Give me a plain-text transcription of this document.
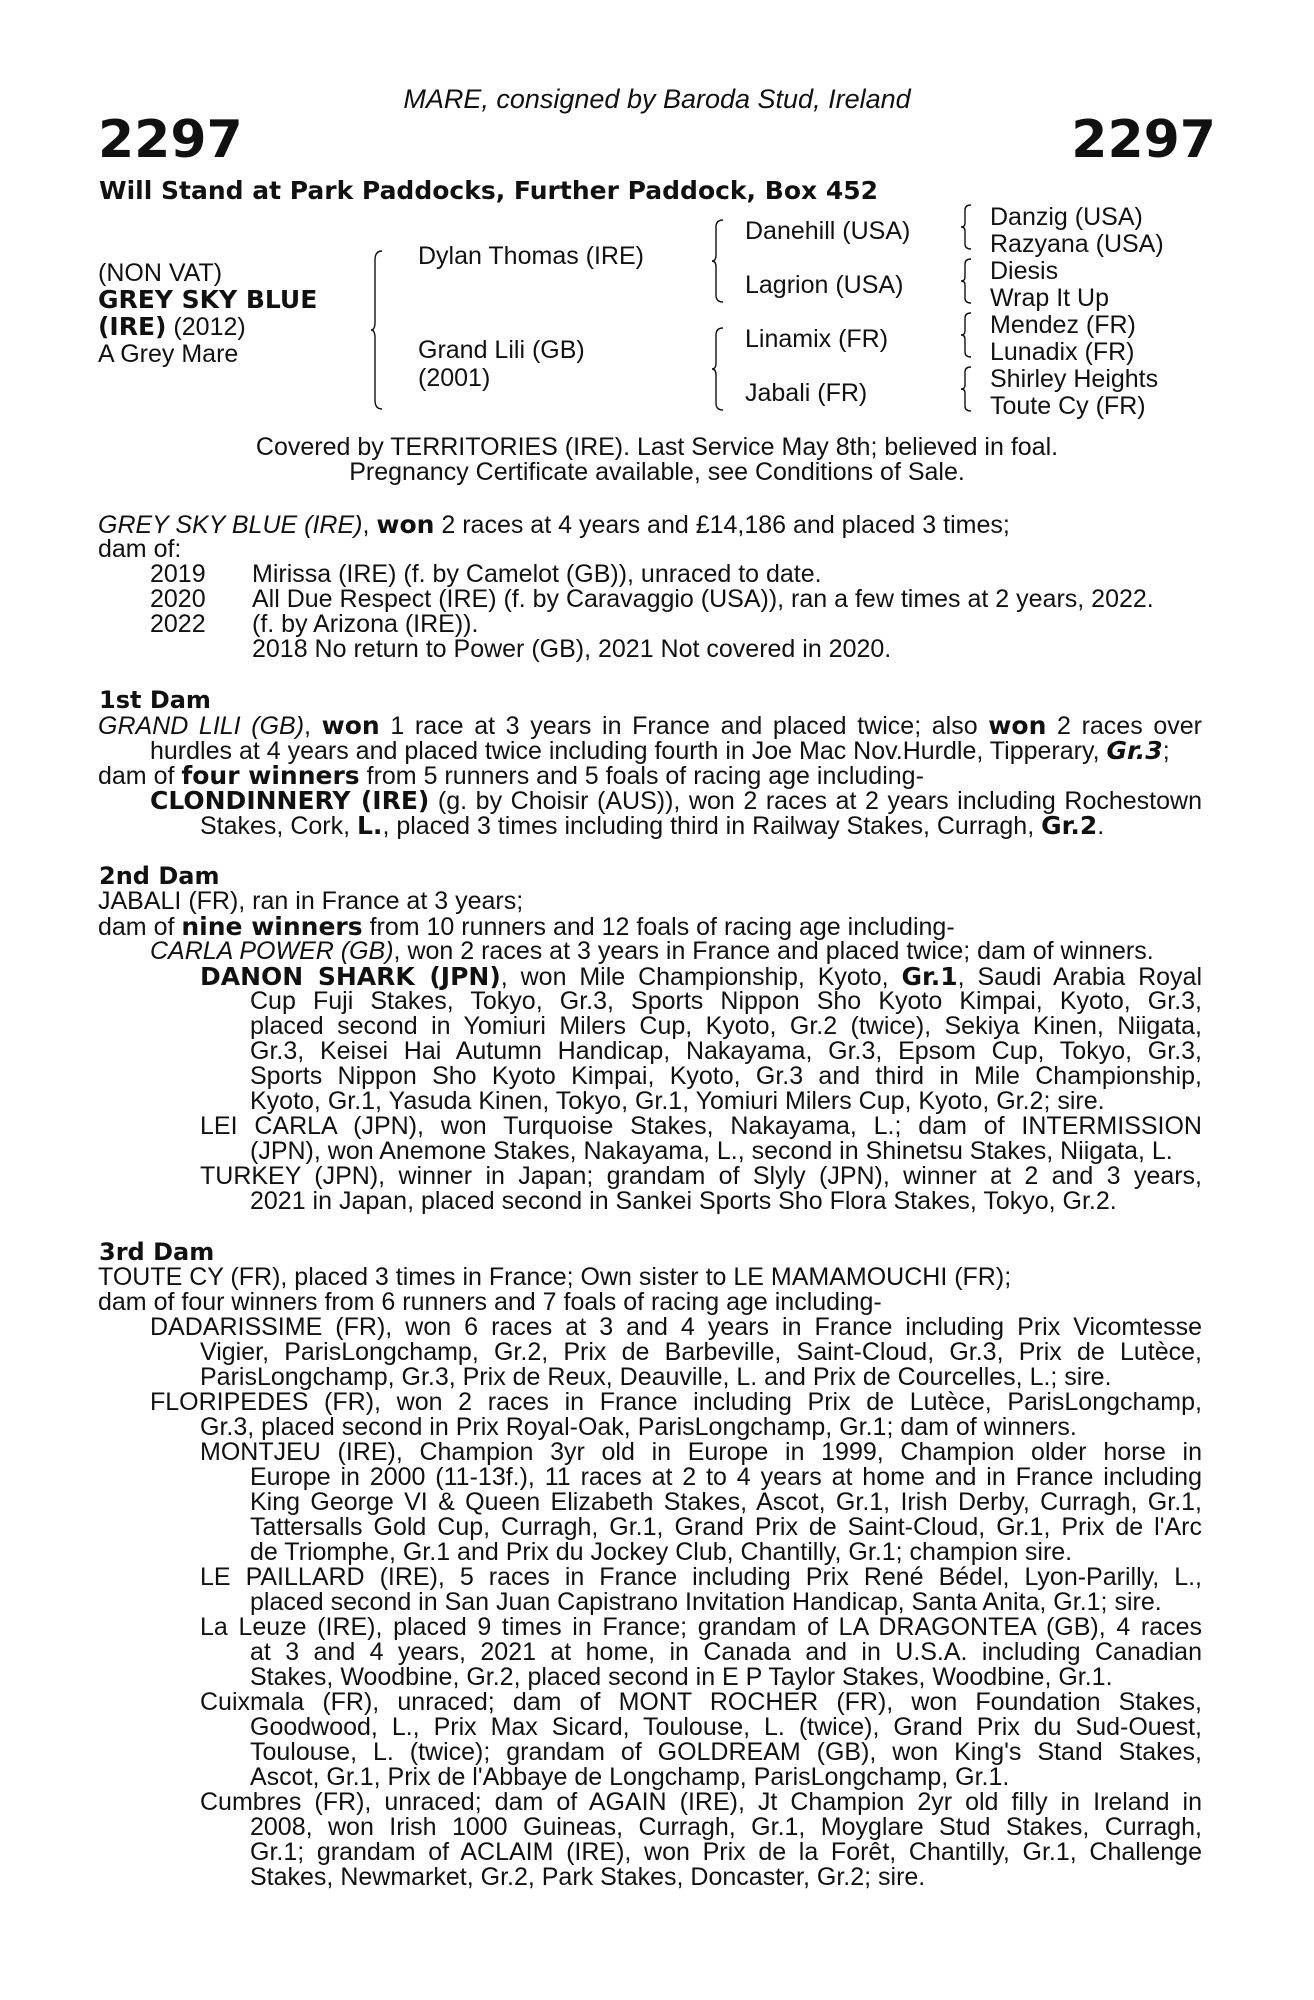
MARE, consigned by Baroda Stud, Ireland
2297	2297
Will Stand at Park Paddocks, Further Paddock, Box 452
(NON VAT)
GREY SKY BLUE
(IRE) (2012)
A Grey Mare
Dylan Thomas (IRE)
Grand Lili (GB)
(2001)
Danehill (USA)
Lagrion (USA)
Linamix (FR)
Jabali (FR)
Danzig (USA)
Razyana (USA)
Diesis
Wrap It Up
Mendez (FR)
Lunadix (FR)
Shirley Heights
Toute Cy (FR)
Covered by TERRITORIES (IRE). Last Service May 8th; believed in foal.
Pregnancy Certificate available, see Conditions of Sale.
GREY SKY BLUE (IRE), won 2 races at 4 years and £14,186 and placed 3 times;
dam of:
2019 Mirissa (IRE) (f. by Camelot (GB)), unraced to date.
2020 All Due Respect (IRE) (f. by Caravaggio (USA)), ran a few times at 2 years, 2022.
2022 (f. by Arizona (IRE)).
2018 No return to Power (GB), 2021 Not covered in 2020.
1st Dam
GRAND LILI (GB), won 1 race at 3 years in France and placed twice; also won 2 races over
hurdles at 4 years and placed twice including fourth in Joe Mac Nov.Hurdle, Tipperary, Gr.3;
dam of four winners from 5 runners and 5 foals of racing age including-
CLONDINNERY (IRE) (g. by Choisir (AUS)), won 2 races at 2 years including Rochestown
Stakes, Cork, L., placed 3 times including third in Railway Stakes, Curragh, Gr.2.
2nd Dam
JABALI (FR), ran in France at 3 years;
dam of nine winners from 10 runners and 12 foals of racing age including-
CARLA POWER (GB), won 2 races at 3 years in France and placed twice; dam of winners.
DANON SHARK (JPN), won Mile Championship, Kyoto, Gr.1, Saudi Arabia Royal
Cup Fuji Stakes, Tokyo, Gr.3, Sports Nippon Sho Kyoto Kimpai, Kyoto, Gr.3,
placed second in Yomiuri Milers Cup, Kyoto, Gr.2 (twice), Sekiya Kinen, Niigata,
Gr.3, Keisei Hai Autumn Handicap, Nakayama, Gr.3, Epsom Cup, Tokyo, Gr.3,
Sports Nippon Sho Kyoto Kimpai, Kyoto, Gr.3 and third in Mile Championship,
Kyoto, Gr.1, Yasuda Kinen, Tokyo, Gr.1, Yomiuri Milers Cup, Kyoto, Gr.2; sire.
LEI CARLA (JPN), won Turquoise Stakes, Nakayama, L.; dam of INTERMISSION
(JPN), won Anemone Stakes, Nakayama, L., second in Shinetsu Stakes, Niigata, L.
TURKEY (JPN), winner in Japan; grandam of Slyly (JPN), winner at 2 and 3 years,
2021 in Japan, placed second in Sankei Sports Sho Flora Stakes, Tokyo, Gr.2.
3rd Dam
TOUTE CY (FR), placed 3 times in France; Own sister to LE MAMAMOUCHI (FR);
dam of four winners from 6 runners and 7 foals of racing age including-
DADARISSIME (FR), won 6 races at 3 and 4 years in France including Prix Vicomtesse
Vigier, ParisLongchamp, Gr.2, Prix de Barbeville, Saint-Cloud, Gr.3, Prix de Lutèce,
ParisLongchamp, Gr.3, Prix de Reux, Deauville, L. and Prix de Courcelles, L.; sire.
FLORIPEDES (FR), won 2 races in France including Prix de Lutèce, ParisLongchamp,
Gr.3, placed second in Prix Royal-Oak, ParisLongchamp, Gr.1; dam of winners.
MONTJEU (IRE), Champion 3yr old in Europe in 1999, Champion older horse in
Europe in 2000 (11-13f.), 11 races at 2 to 4 years at home and in France including
King George VI & Queen Elizabeth Stakes, Ascot, Gr.1, Irish Derby, Curragh, Gr.1,
Tattersalls Gold Cup, Curragh, Gr.1, Grand Prix de Saint-Cloud, Gr.1, Prix de l'Arc
de Triomphe, Gr.1 and Prix du Jockey Club, Chantilly, Gr.1; champion sire.
LE PAILLARD (IRE), 5 races in France including Prix René Bédel, Lyon-Parilly, L.,
placed second in San Juan Capistrano Invitation Handicap, Santa Anita, Gr.1; sire.
La Leuze (IRE), placed 9 times in France; grandam of LA DRAGONTEA (GB), 4 races
at 3 and 4 years, 2021 at home, in Canada and in U.S.A. including Canadian
Stakes, Woodbine, Gr.2, placed second in E P Taylor Stakes, Woodbine, Gr.1.
Cuixmala (FR), unraced; dam of MONT ROCHER (FR), won Foundation Stakes,
Goodwood, L., Prix Max Sicard, Toulouse, L. (twice), Grand Prix du Sud-Ouest,
Toulouse, L. (twice); grandam of GOLDREAM (GB), won King's Stand Stakes,
Ascot, Gr.1, Prix de l'Abbaye de Longchamp, ParisLongchamp, Gr.1.
Cumbres (FR), unraced; dam of AGAIN (IRE), Jt Champion 2yr old filly in Ireland in
2008, won Irish 1000 Guineas, Curragh, Gr.1, Moyglare Stud Stakes, Curragh,
Gr.1; grandam of ACLAIM (IRE), won Prix de la Forêt, Chantilly, Gr.1, Challenge
Stakes, Newmarket, Gr.2, Park Stakes, Doncaster, Gr.2; sire.
